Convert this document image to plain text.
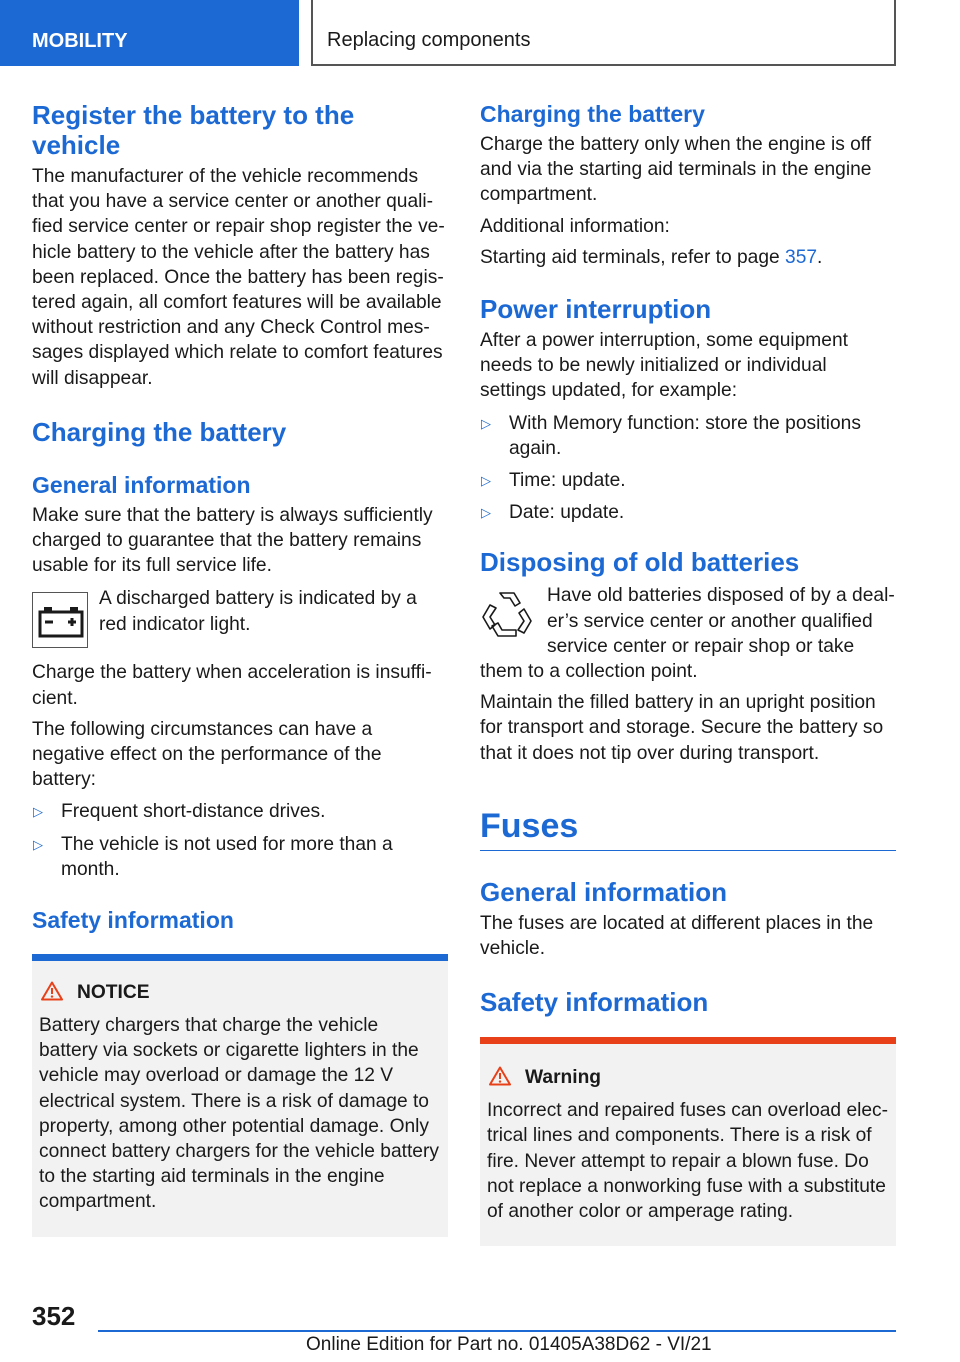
MOBILITY	Replacing components
Register the battery to the vehicle

The manufacturer of the vehicle recommends that you have a service center or another qualified service center or repair shop register the vehicle battery to the vehicle after the battery has been replaced. Once the battery has been registered again, all comfort features will be available without restriction and any Check Control messages displayed which relate to comfort features will disappear.

Charging the battery
General information

Make sure that the battery is always sufficiently charged to guarantee that the battery remains usable for its full service life.

A discharged battery is indicated by a red indicator light.

Charge the battery when acceleration is insufficient.

The following circumstances can have a negative effect on the performance of the battery:

▷ Frequent short-distance drives.
▷ The vehicle is not used for more than a month.
Safety information
NOTICE

Battery chargers that charge the vehicle battery via sockets or cigarette lighters in the vehicle may overload or damage the 12 V electrical system. There is a risk of damage to property, among other potential damage. Only connect battery chargers for the vehicle battery to the starting aid terminals in the engine compartment.

Charging the battery

Charge the battery only when the engine is off and via the starting aid terminals in the engine compartment.

Additional information:

Starting aid terminals, refer to page 357.

Power interruption

After a power interruption, some equipment needs to be newly initialized or individual settings updated, for example:

▷ With Memory function: store the positions again.
▷ Time: update.
▷ Date: update.
Disposing of old batteries

Have old batteries disposed of by a dealer’s service center or another qualified service center or repair shop or take

them to a collection point.

Maintain the filled battery in an upright position for transport and storage. Secure the battery so that it does not tip over during transport.

Fuses
General information

The fuses are located at different places in the vehicle.

Safety information
Warning

Incorrect and repaired fuses can overload electrical lines and components. There is a risk of fire. Never attempt to repair a blown fuse. Do not replace a nonworking fuse with a substitute of another color or amperage rating.

352
Online Edition for Part no. 01405A38D62 - VI/21
